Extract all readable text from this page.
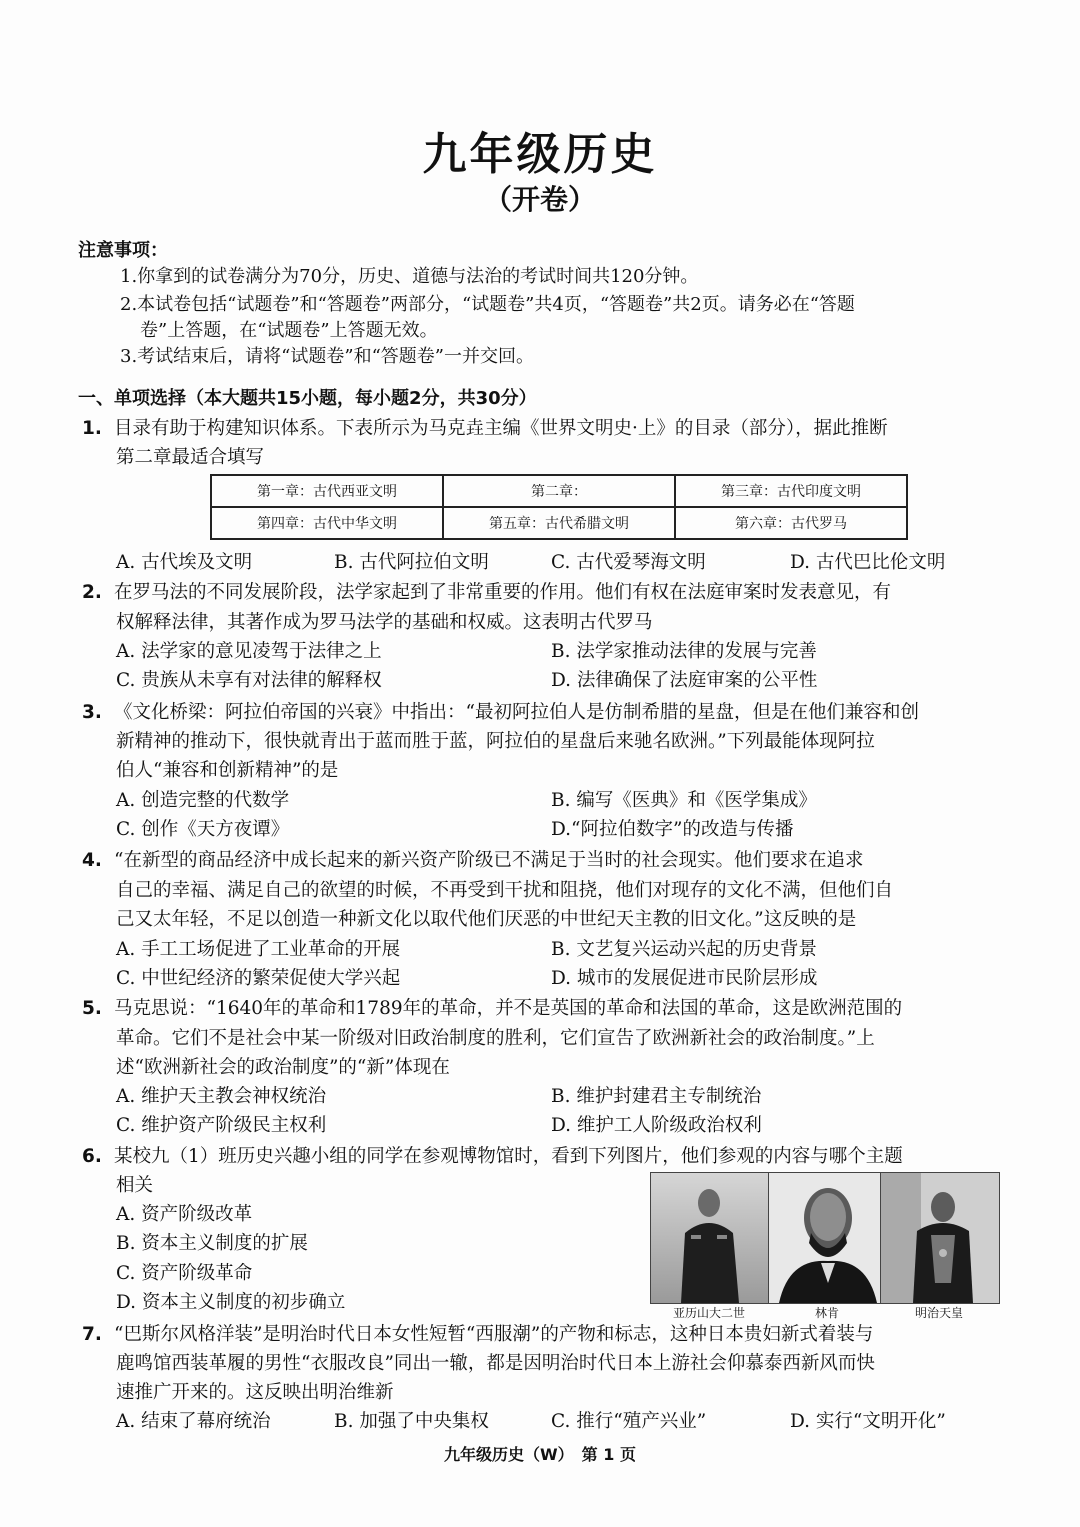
九年级历史
（开卷）
注意事项：
1.你拿到的试卷满分为70分，历史、道德与法治的考试时间共120分钟。
2.本试卷包括“试题卷”和“答题卷”两部分，“试题卷”共4页，“答题卷”共2页。请务必在“答题
卷”上答题，在“试题卷”上答题无效。
3.考试结束后，请将“试题卷”和“答题卷”一并交回。
一、单项选择（本大题共15小题，每小题2分，共30分）
1. 目录有助于构建知识体系。下表所示为马克垚主编《世界文明史·上》的目录（部分），据此推断
第二章最适合填写
第一章：古代西亚文明	第二章：	第三章：古代印度文明
第四章：古代中华文明	第五章：古代希腊文明	第六章：古代罗马
A. 古代埃及文明	B. 古代阿拉伯文明	C. 古代爱琴海文明	D. 古代巴比伦文明
2. 在罗马法的不同发展阶段，法学家起到了非常重要的作用。他们有权在法庭审案时发表意见，有
权解释法律，其著作成为罗马法学的基础和权威。这表明古代罗马
A. 法学家的意见凌驾于法律之上	B. 法学家推动法律的发展与完善
C. 贵族从未享有对法律的解释权	D. 法律确保了法庭审案的公平性
3. 《文化桥梁：阿拉伯帝国的兴衰》中指出：“最初阿拉伯人是仿制希腊的星盘，但是在他们兼容和创
新精神的推动下，很快就青出于蓝而胜于蓝，阿拉伯的星盘后来驰名欧洲。”下列最能体现阿拉
伯人“兼容和创新精神”的是
A. 创造完整的代数学	B. 编写《医典》和《医学集成》
C. 创作《天方夜谭》	D.“阿拉伯数字”的改造与传播
4. “在新型的商品经济中成长起来的新兴资产阶级已不满足于当时的社会现实。他们要求在追求
自己的幸福、满足自己的欲望的时候，不再受到干扰和阻挠，他们对现存的文化不满，但他们自
己又太年轻，不足以创造一种新文化以取代他们厌恶的中世纪天主教的旧文化。”这反映的是
A. 手工工场促进了工业革命的开展	B. 文艺复兴运动兴起的历史背景
C. 中世纪经济的繁荣促使大学兴起	D. 城市的发展促进市民阶层形成
5. 马克思说：“1640年的革命和1789年的革命，并不是英国的革命和法国的革命，这是欧洲范围的
革命。它们不是社会中某一阶级对旧政治制度的胜利，它们宣告了欧洲新社会的政治制度。”上
述“欧洲新社会的政治制度”的“新”体现在
A. 维护天主教会神权统治	B. 维护封建君主专制统治
C. 维护资产阶级民主权利	D. 维护工人阶级政治权利
6. 某校九（1）班历史兴趣小组的同学在参观博物馆时，看到下列图片，他们参观的内容与哪个主题
相关
A. 资产阶级改革
B. 资本主义制度的扩展
C. 资产阶级革命
D. 资本主义制度的初步确立	亚历山大二世	林肯	明治天皇
7. “巴斯尔风格洋装”是明治时代日本女性短暂“西服潮”的产物和标志，这种日本贵妇新式着装与
鹿鸣馆西装革履的男性“衣服改良”同出一辙，都是因明治时代日本上游社会仰慕泰西新风而快
速推广开来的。这反映出明治维新
A. 结束了幕府统治	B. 加强了中央集权	C. 推行“殖产兴业”	D. 实行“文明开化”
九年级历史（W）　第 1 页
